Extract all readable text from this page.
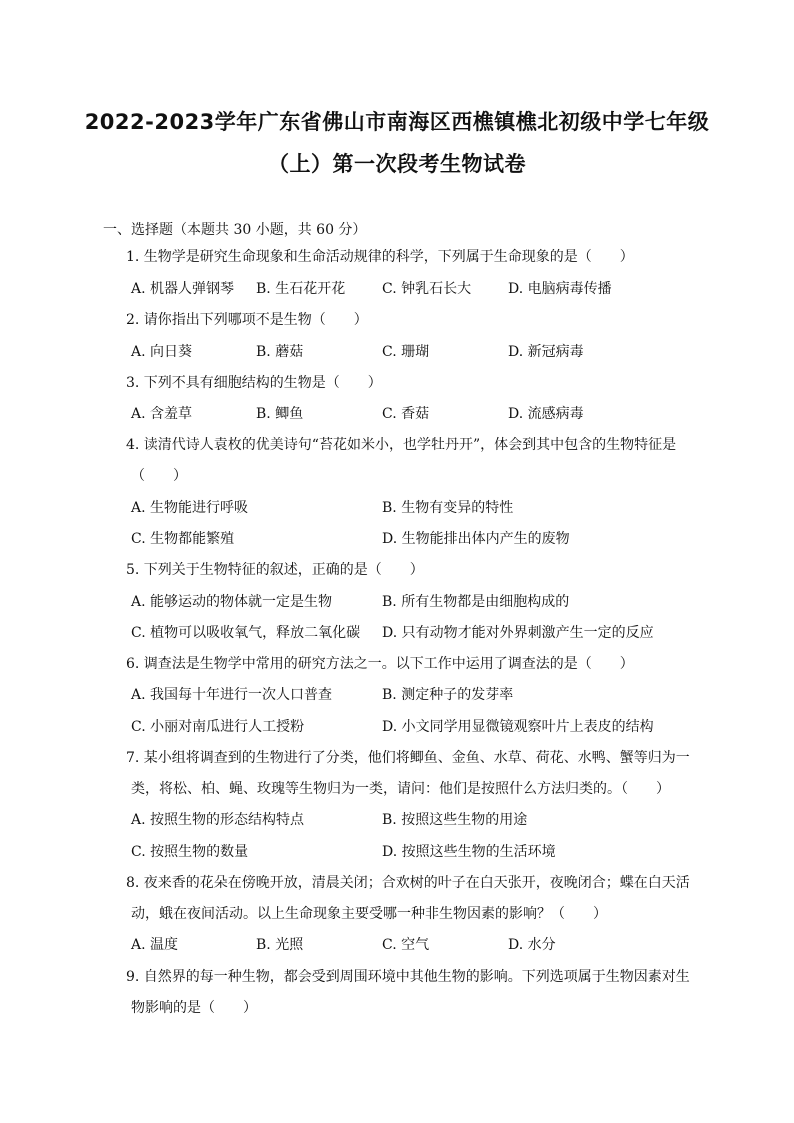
2022-2023学年广东省佛山市南海区西樵镇樵北初级中学七年级
（上）第一次段考生物试卷
一、选择题（本题共 30 小题，共 60 分）
1. 生物学是研究生命现象和生命活动规律的科学，下列属于生命现象的是（　　）
A. 机器人弹钢琴 B. 生石花开花	C. 钟乳石长大	D. 电脑病毒传播
2. 请你指出下列哪项不是生物（　　）
A. 向日葵	B. 蘑菇	C. 珊瑚	D. 新冠病毒
3. 下列不具有细胞结构的生物是（　　）
A. 含羞草	B. 鲫鱼	C. 香菇	D. 流感病毒
4. 读清代诗人袁枚的优美诗句“苔花如米小，也学牡丹开”，体会到其中包含的生物特征是
（　　）
A. 生物能进行呼吸	B. 生物有变异的特性
C. 生物都能繁殖	D. 生物能排出体内产生的废物
5. 下列关于生物特征的叙述，正确的是（　　）
A. 能够运动的物体就一定是生物	B. 所有生物都是由细胞构成的
C. 植物可以吸收氧气，释放二氧化碳 D. 只有动物才能对外界刺激产生一定的反应
6. 调查法是生物学中常用的研究方法之一。以下工作中运用了调查法的是（　　）
A. 我国每十年进行一次人口普查	B. 测定种子的发芽率
C. 小丽对南瓜进行人工授粉	D. 小文同学用显微镜观察叶片上表皮的结构
7. 某小组将调查到的生物进行了分类，他们将鲫鱼、金鱼、水草、荷花、水鸭、蟹等归为一
类，将松、柏、蝇、玫瑰等生物归为一类，请问：他们是按照什么方法归类的。（　　）
A. 按照生物的形态结构特点	B. 按照这些生物的用途
C. 按照生物的数量	D. 按照这些生物的生活环境
8. 夜来香的花朵在傍晚开放，清晨关闭；合欢树的叶子在白天张开，夜晚闭合；蝶在白天活
动，蛾在夜间活动。以上生命现象主要受哪一种非生物因素的影响？（　　）
A. 温度	B. 光照	C. 空气	D. 水分
9. 自然界的每一种生物，都会受到周围环境中其他生物的影响。下列选项属于生物因素对生
物影响的是（　　）
